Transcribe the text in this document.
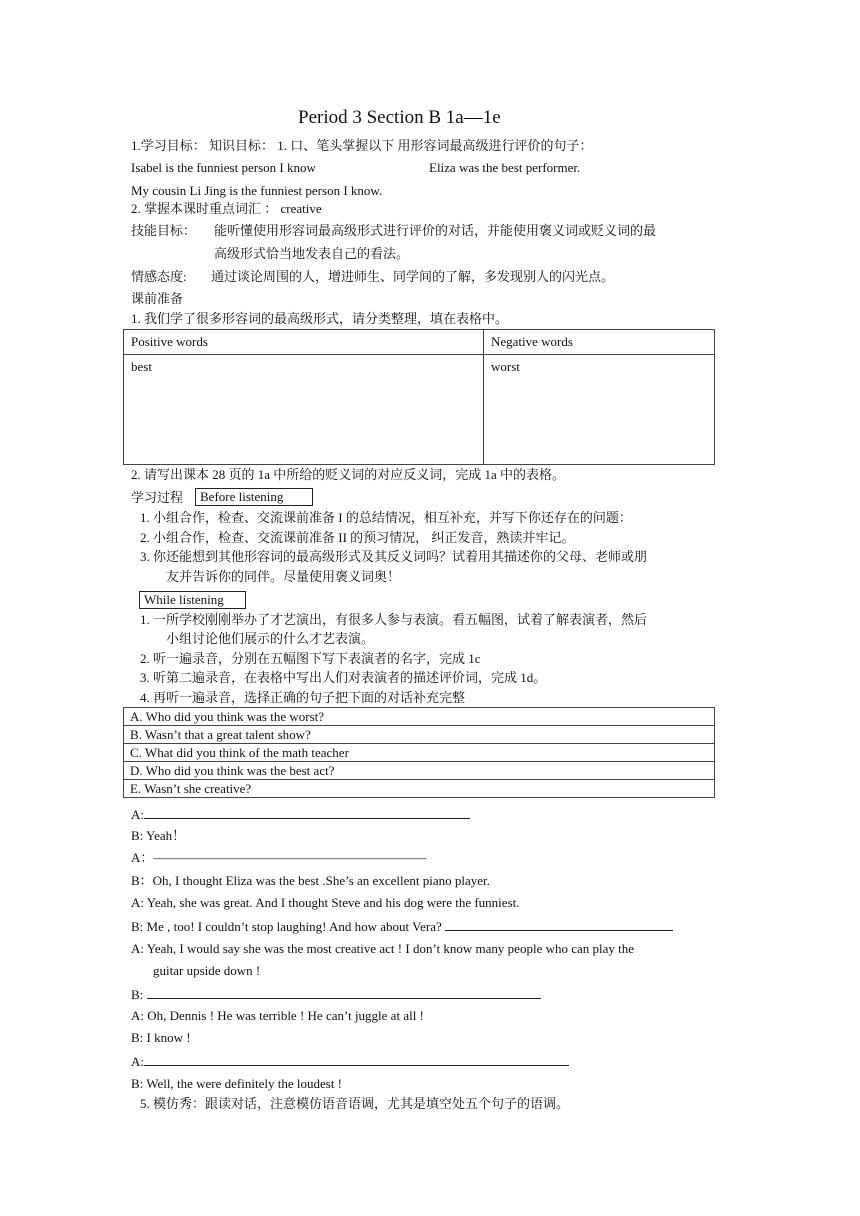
Period 3 Section B 1a—1e
1.学习目标： 知识目标： 1. 口、笔头掌握以下 用形容词最高级进行评价的句子：
Isabel is the funniest person I know	Eliza was the best performer.
My cousin Li Jing is the funniest person I know.
2. 掌握本课时重点词汇 ： creative
技能目标： 能听懂使用形容词最高级形式进行评价的对话，并能使用褒义词或贬义词的最
高级形式恰当地发表自己的看法。
情感态度: 通过谈论周围的人，增进师生、同学间的了解，多发现别人的闪光点。
课前准备
1. 我们学了很多形容词的最高级形式，请分类整理，填在表格中。
Positive words	Negative words
best	worst
2. 请写出课本 28 页的 1a 中所给的贬义词的对应反义词，完成 1a 中的表格。
学习过程	Before listening
1. 小组合作，检查、交流课前准备 I 的总结情况，相互补充，并写下你还存在的问题：
2. 小组合作，检查、交流课前准备 II 的预习情况， 纠正发音，熟读并牢记。
3. 你还能想到其他形容词的最高级形式及其反义词吗？试着用其描述你的父母、老师或朋
友并告诉你的同伴。尽量使用褒义词奥！
While listening
1. 一所学校刚刚举办了才艺演出，有很多人参与表演。看五幅图，试着了解表演者，然后
小组讨论他们展示的什么才艺表演。
2. 听一遍录音，分别在五幅图下写下表演者的名字，完成 1c
3. 听第二遍录音，在表格中写出人们对表演者的描述评价词，完成 1d。
4. 再听一遍录音，选择正确的句子把下面的对话补充完整
A. Who did you think was the worst?
B. Wasn’t that a great talent show?
C. What did you think of the math teacher
D. Who did you think was the best act?
E. Wasn’t she creative?
A:
B: Yeah！
A：—————————————————————
B：Oh, I thought Eliza was the best .She’s an excellent piano player.
A: Yeah, she was great. And I thought Steve and his dog were the funniest.
B: Me , too! I couldn’t stop laughing! And how about Vera?
A: Yeah, I would say she was the most creative act ! I don’t know many people who can play the
guitar upside down !
B:
A: Oh, Dennis ! He was terrible ! He can’t juggle at all !
B: I know !
A:
B: Well, the were definitely the loudest !
5. 模仿秀：跟读对话，注意模仿语音语调，尤其是填空处五个句子的语调。
